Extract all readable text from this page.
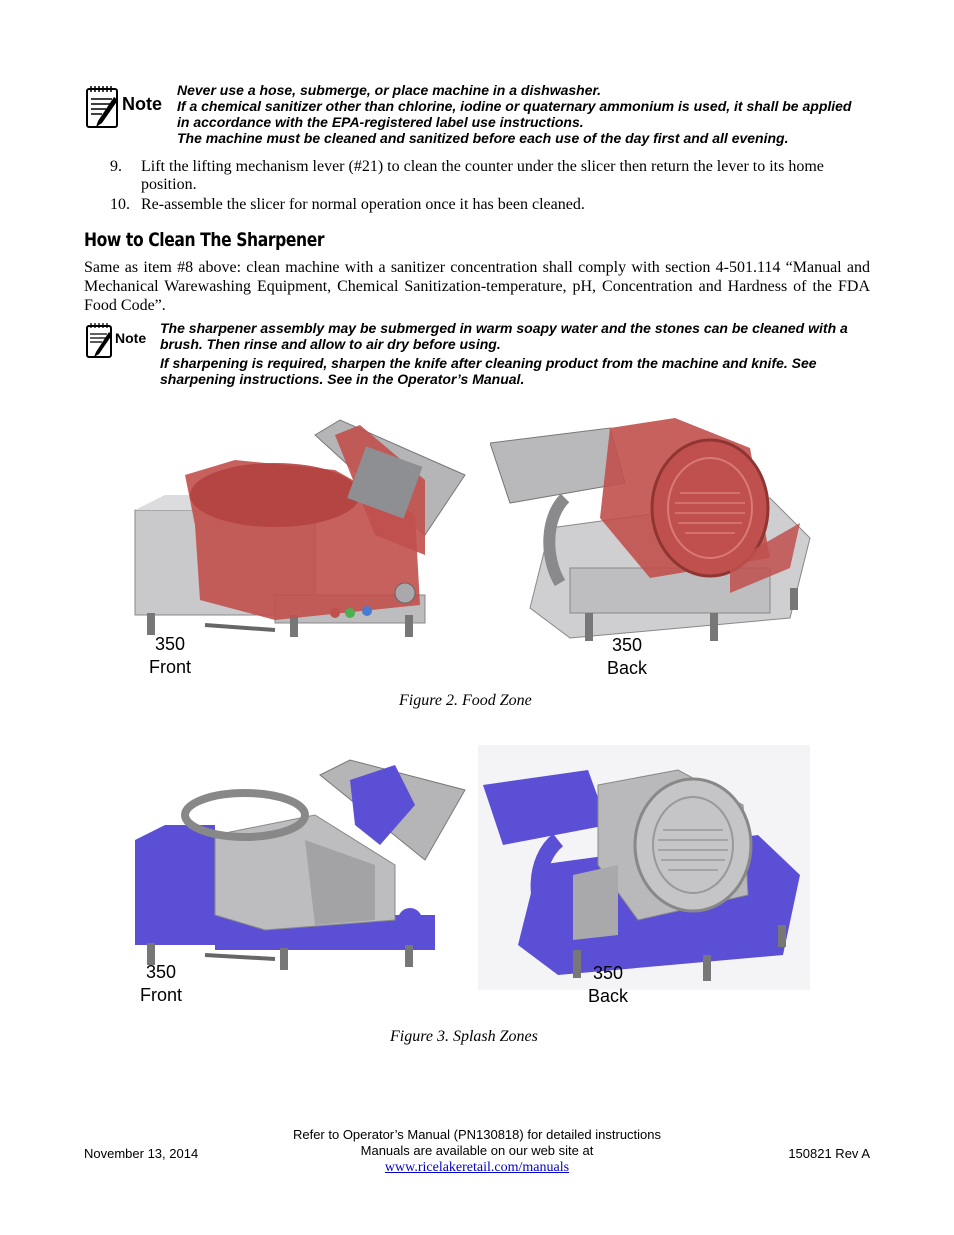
Note

Never use a hose, submerge, or place machine in a dishwasher.

If a chemical sanitizer other than chlorine, iodine or quaternary ammonium is used, it shall be applied in accordance with the EPA-registered label use instructions.

The machine must be cleaned and sanitized before each use of the day first and all evening.

9. Lift the lifting mechanism lever (#21) to clean the counter under the slicer then return the lever to its home position.
10. Re-assemble the slicer for normal operation once it has been cleaned.
How to Clean The Sharpener
Same as item #8 above: clean machine with a sanitizer concentration shall comply with section 4-501.114 “Manual and Mechanical Warewashing Equipment, Chemical Sanitization-temperature, pH, Concentration and Hardness of the FDA Food Code”.
Note

The sharpener assembly may be submerged in warm soapy water and the stones can be cleaned with a brush. Then rinse and allow to air dry before using.

If sharpening is required, sharpen the knife after cleaning product from the machine and knife. See sharpening instructions. See in the Operator’s Manual.

350
Front
350
Back
Figure 2. Food Zone
350
Front
350
Back
Figure 3. Splash Zones
November 13, 2014
Refer to Operator’s Manual (PN130818) for detailed instructions
Manuals are available on our web site at
www.ricelakeretail.com/manuals
150821 Rev A
